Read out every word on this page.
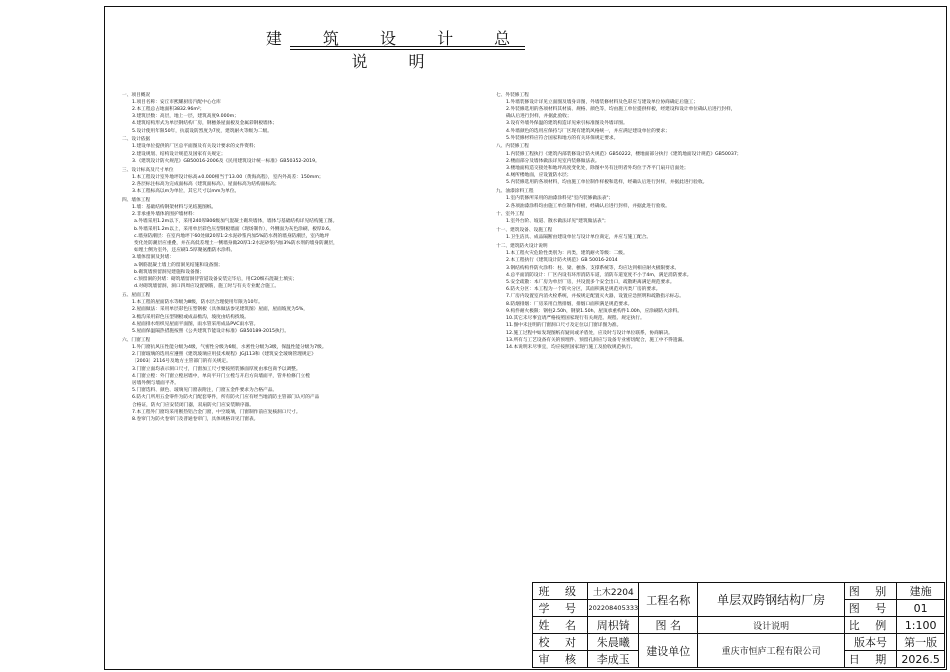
建 筑 设 计 总 说 明
一、项目概况
1.项目名称：安丘市熙耀厨房汽配中心仓库
2.本工程总占地面积3832.96m²；
3.建筑层数：高层，地上一层，建筑高度9.000m；
4.建筑结构形式为单层钢结构厂房，钢檩条屋面板及金属彩钢板墙体；
5.设计使用年限50年，抗震设防烈度为7度，建筑耐火等级为二级。
二、设计依据
1.建设单位提供的厂区总平面图及有关设计要求的文件资料；
2.建设规划、结构设计规范及国家有关规定；
3.《建筑设计防火规范》GB50016-2006及《民用建筑设计统一标准》GB50352-2019。
三、设计标高及尺寸单位
1.本工程设计室外地坪设计标高±0.000相当于13.00（黄海高程），室内外高差：150mm；
2.各层标注标高为完成面标高（建筑面标高），屋面标高为结构面标高；
3.本工程标高以m为单位，其它尺寸以mm为单位。
四、墙体工程
1.墙：基础结构钢架材料与见结施图纸。
2.非承重外墙体的围护墙材料：
a.外墙采用1.2m以下，采用240厚B06级加气混凝土砌块墙体，墙体与基础结构详见结构施工图。
b.外墙采用1.2m以上，采用单层彩色压型钢板墙面（现场制作），外侧面为灰色涂刷，板厚0.6。
c.墙身防潮层：在室内地坪下60处做20厚1:2水泥砂浆内加5%防水剂的墙身防潮层，室内地坪
变化处防潮层应重叠，并在高低差埋土一侧墙身做20厚1:2水泥砂浆内加3%防水剂的墙身防潮层，
如埋土侧为室外，还应刷1.5厚聚氨酯防水涂料。
3.墙体留洞及封堵：
a.钢筋混凝土墙上的留洞见结施和设备图；
b.砌筑墙预留洞见建施和设备图；
c.预留洞的封堵：砌筑墙留洞待管道设备安装完毕后，用C20细石混凝土填实；
d.对砌筑墙留洞，洞口四周应设置钢筋，施工时与有关专业配合施工。
五、屋面工程
1.本工程的屋面防水等级为Ⅲ级，防水层合理使用年限为10年。
2.屋面做法：采用单层彩色压型钢板（具体做法参见建筑图）屋面，屋面坡度为5%，
3.檐沟采用彩色压型钢板或成品檐沟，坡度由结构找坡。
4.屋面排水组织见屋面平面图，雨水管采用成品PVC雨水管。
5.屋面保温隔热措施按照《公共建筑节能设计标准》GB50189-2015执行。
六、门窗工程
1.外门窗抗风压性能分级为4级，气密性分级为6级，水密性分级为3级，保温性能分级为7级。
2.门窗玻璃的选用应遵照《建筑玻璃应用技术规程》JGJ113和《建筑安全玻璃管理规定》
〔2003〕2116号及地方主管部门的有关规定。
3.门窗立面均表示洞口尺寸，门窗加工尺寸要按照装修面厚度由承包商予以调整。
4.门窗立樘：外门窗立樘居墙中，单向平开门立樘与开启方向墙面平，管井检修门立樘
居墙外侧与墙面平齐。
5.门窗选料、颜色、玻璃见门窗表附注，门窗五金件要求为合格产品。
6.防火门所用五金零件为防火门配套零件，所有防火门应有经当地消防主管部门认可的产品
合格证，防火门应安装闭门器，双扇防火门应安装顺序器。
7.本工程外门窗均采用断热铝合金门窗，中空玻璃，门窗制作前应复核洞口尺寸。
8.卷帘门为防火卷帘门及普通卷帘门，具体规格详见门窗表。
七、外装修工程
1.外墙装修设计详见立面图及墙身详图，外墙装修材料及色彩应与建设单位协商确定后施工；
2.外装修选用的各项材料其材质、规格、颜色等，均由施工单位提供样板，经建设和设计单位确认后进行封样，
确认后进行封样，并据此验收；
3.设有外墙外保温的建筑构造详见索引标准图及外墙详图。
4.外墙颜色的选用应保持与厂区现有建筑风格统一，并应满足建设单位的要求；
5.外装修材料应符合国家和地方的有关环保规定要求。
八、内装修工程
1.内装修工程执行《建筑内部装修设计防火规范》GB50222，楼地面部分执行《建筑地面设计规范》GB50037；
2.楼面部分及墙体做法详见室内装修做法表。
3.楼地面构造交接处和地坪高度变化处，除图中另有注明者外均位于齐平门扇开启面处；
4.厕所楼地面，应设置防水层；
5.内装修选用的各项材料，均由施工单位制作样板和选样，经确认后进行封样，并据此进行验收。
九、油漆涂料工程
1.室内装修所采用的油漆涂料见"室内装修做法表"；
2.各项油漆涂料均由施工单位制作样板，经确认后进行封样，并据此进行验收。
十、室外工程
1.室外台阶、坡道、散水做法详见"建筑做法表"；
十一、建筑设备、设施工程
1.卫生洁具、成品隔断由建设单位与设计单位商定，并应与施工配合。
十二、建筑防火设计说明
1.本工程火灾危险性类别为：丙类，建筑耐火等级：二级。
2.本工程执行《建筑设计防火规范》GB 50016-2014
3.钢结构构件防火涂料：柱、梁、檩条、支撑系统等，均应达到相应耐火极限要求。
4.总平面消防设计：厂区内设有环形消防车道，消防车道宽度不小于4m，满足消防要求。
5.安全疏散：本厂房为单层厂房，共设置多个安全出口，疏散距离满足规范要求。
6.防火分区：本工程为一个防火分区，其面积满足规范对丙类厂房的要求。
7.厂房内设置室内消火栓系统，并按规定配置灭火器，设置应急照明和疏散指示标志。
8.防烟排烟：厂房采用自然排烟，排烟口面积满足规范要求。
9.构件耐火极限：钢柱2.50h，钢梁1.50h，屋顶承重构件1.00h，应涂刷防火涂料。
10.其它未尽事宜请严格按照国家现行有关规范、规程、规定执行。
11.图中未注明的门窗洞口尺寸及定位以门窗详图为准。
12.施工过程中如发现图纸有疑问或矛盾处，应及时与设计单位联系，协商解决。
13.所有与工艺设备有关的预埋件、预留孔洞应与设备专业密切配合，施工中不得遗漏。
14.本说明未尽事宜，均应按照国家现行施工及验收规范执行。
班 级	土木2204	工程名称	单层双跨钢结构厂房	图 别	建施
学 号	202208405333			图 号	01
姓 名	周枳锜	图 名	设计说明	比 例	1:100
校 对	朱晨曦	建设单位	重庆市恒庐工程有限公司	版本号	第一版
审 核	李成玉			日 期	2026.5
